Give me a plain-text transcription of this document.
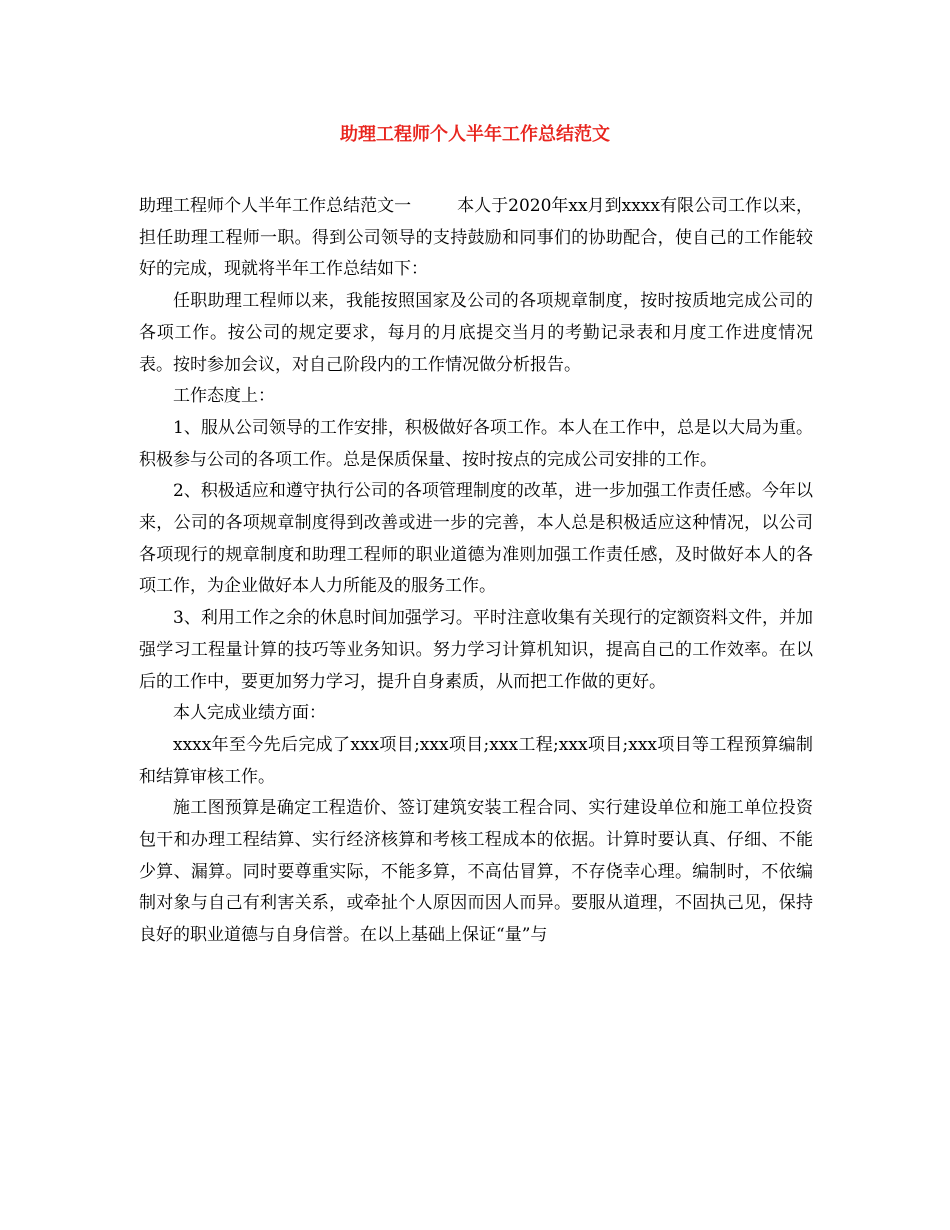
助理工程师个人半年工作总结范文

助理工程师个人半年工作总结范文一	本人于2020年xx月到xxxx有限公司工作以来，担任助理工程师一职。得到公司领导的支持鼓励和同事们的协助配合，使自己的工作能较好的完成，现就将半年工作总结如下：

任职助理工程师以来，我能按照国家及公司的各项规章制度，按时按质地完成公司的各项工作。按公司的规定要求，每月的月底提交当月的考勤记录表和月度工作进度情况表。按时参加会议，对自己阶段内的工作情况做分析报告。

工作态度上：

1、服从公司领导的工作安排，积极做好各项工作。本人在工作中，总是以大局为重。积极参与公司的各项工作。总是保质保量、按时按点的完成公司安排的工作。

2、积极适应和遵守执行公司的各项管理制度的改革，进一步加强工作责任感。今年以来，公司的各项规章制度得到改善或进一步的完善，本人总是积极适应这种情况，以公司各项现行的规章制度和助理工程师的职业道德为准则加强工作责任感，及时做好本人的各项工作，为企业做好本人力所能及的服务工作。

3、利用工作之余的休息时间加强学习。平时注意收集有关现行的定额资料文件，并加强学习工程量计算的技巧等业务知识。努力学习计算机知识，提高自己的工作效率。在以后的工作中，要更加努力学习，提升自身素质，从而把工作做的更好。

本人完成业绩方面：

xxxx年至今先后完成了xxx项目;xxx项目;xxx工程;xxx项目;xxx项目等工程预算编制和结算审核工作。

施工图预算是确定工程造价、签订建筑安装工程合同、实行建设单位和施工单位投资包干和办理工程结算、实行经济核算和考核工程成本的依据。计算时要认真、仔细、不能少算、漏算。同时要尊重实际，不能多算，不高估冒算，不存侥幸心理。编制时，不依编制对象与自己有利害关系，或牵扯个人原因而因人而异。要服从道理，不固执己见，保持良好的职业道德与自身信誉。在以上基础上保证“量”与
